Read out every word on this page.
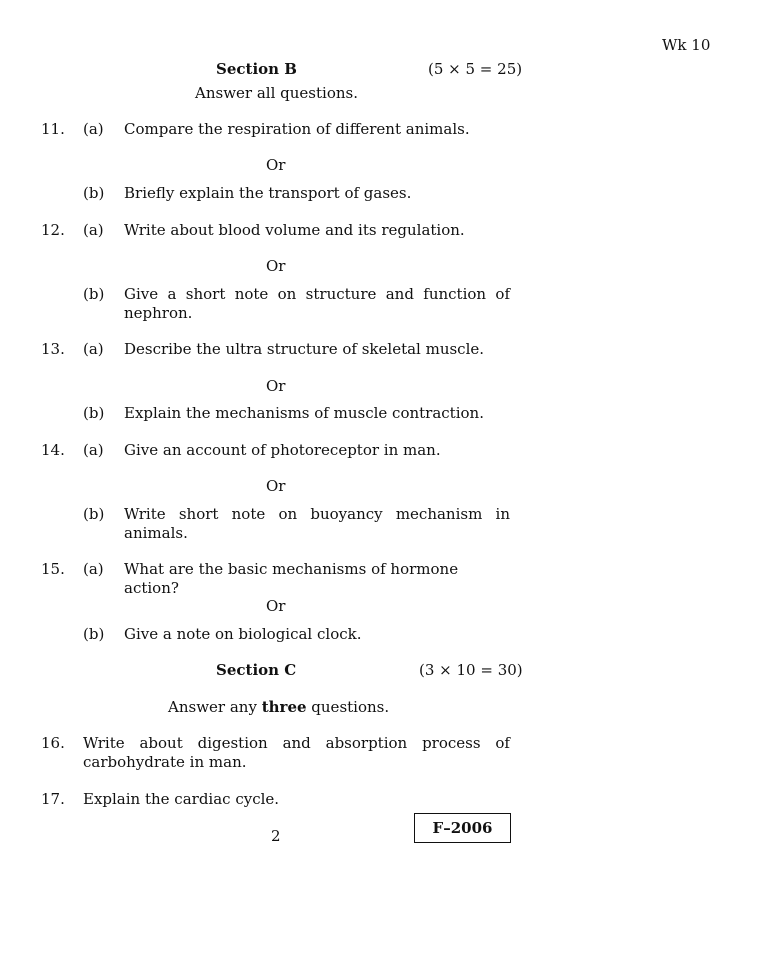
Wk 10
Section B	(5 × 5 = 25)
Answer all questions.
11. (a) Compare the respiration of different animals.
Or
(b) Briefly explain the transport of gases.
12. (a) Write about blood volume and its regulation.
Or
(b) Give a short note on structure and function of nephron.
13. (a) Describe the ultra structure of skeletal muscle.
Or
(b) Explain the mechanisms of muscle contraction.
14. (a) Give an account of photoreceptor in man.
Or
(b) Write short note on buoyancy mechanism in animals.
15. (a) What are the basic mechanisms of hormone action?
Or
(b) Give a note on biological clock.
Section C	(3 × 10 = 30)
Answer any three questions.
16. Write about digestion and absorption process of carbohydrate in man.
17. Explain the cardiac cycle.
2	F–2006
